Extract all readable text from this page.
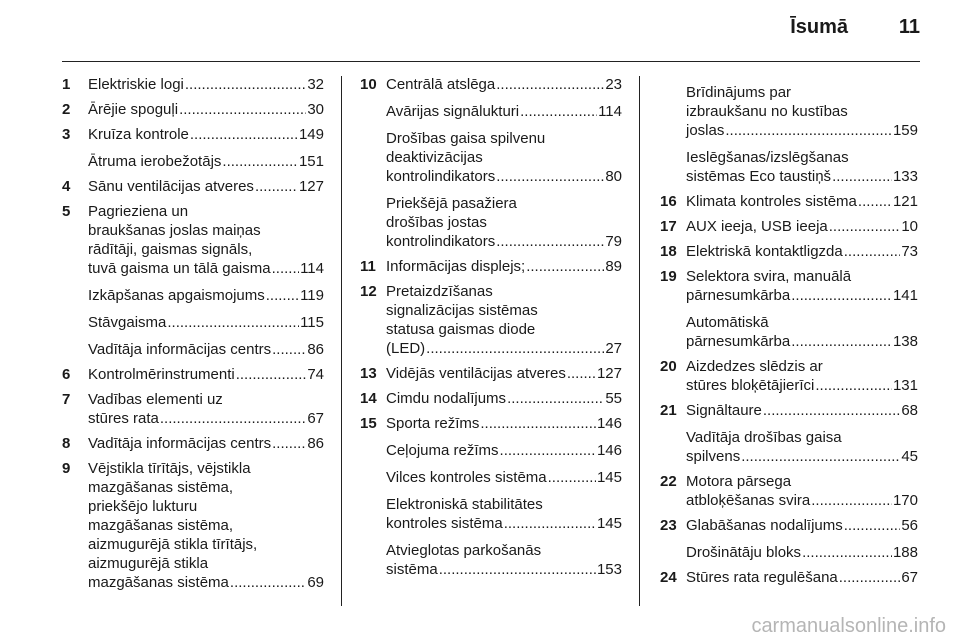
Īsumā	11
1 Elektriskie logi .....	32
2 Ārējie spoguļi .....	30
3 Kruīza kontrole .....	149
Ātruma ierobežotājs .....	151
4 Sānu ventilācijas atveres .....	127
5 Pagrieziena un
braukšanas joslas maiņas
rādītāji, gaismas signāls,
tuvā gaisma un tālā gaisma ..... 114
Izkāpšanas apgaismojums ..... 119
Stāvgaisma .....	115
Vadītāja informācijas centrs ..... 86
6 Kontrolmērinstrumenti .....	74
7 Vadības elementi uz
stūres rata .....	67
8 Vadītāja informācijas centrs ..... 86
9 Vējstikla tīrītājs, vējstikla
mazgāšanas sistēma,
priekšējo lukturu
mazgāšanas sistēma,
aizmugurējā stikla tīrītājs,
aizmugurējā stikla
mazgāšanas sistēma .....	69
10 Centrālā atslēga .....	23
Avārijas signālukturi .....	114
Drošības gaisa spilvenu
deaktivizācijas
kontrolindikators .....	80
Priekšējā pasažiera
drošības jostas
kontrolindikators .....	79
11 Informācijas displejs; .....	89
12 Pretaizdzīšanas
signalizācijas sistēmas
statusa gaismas diode
(LED) .....	27
13 Vidējās ventilācijas atveres ..... 127
14 Cimdu nodalījums .....	55
15 Sporta režīms .....	146
Ceļojuma režīms .....	146
Vilces kontroles sistēma .....	145
Elektroniskā stabilitātes
kontroles sistēma .....	145
Atvieglotas parkošanās
sistēma .....	153
Brīdinājums par
izbraukšanu no kustības
joslas .....	159
Ieslēgšanas/izslēgšanas
sistēmas Eco taustiņš .....	133
16 Klimata kontroles sistēma ..... 121
17 AUX ieeja, USB ieeja .....	10
18 Elektriskā kontaktligzda .....	73
19 Selektora svira, manuālā
pārnesumkārba .....	141
Automātiskā
pārnesumkārba .....	138
20 Aizdedzes slēdzis ar
stūres bloķētājierīci .....	131
21 Signāltaure .....	68
Vadītāja drošības gaisa
spilvens .....	45
22 Motora pārsega
atbloķēšanas svira .....	170
23 Glabāšanas nodalījums .....	56
Drošinātāju bloks .....	188
24 Stūres rata regulēšana .....	67
carmanualsonline.info
